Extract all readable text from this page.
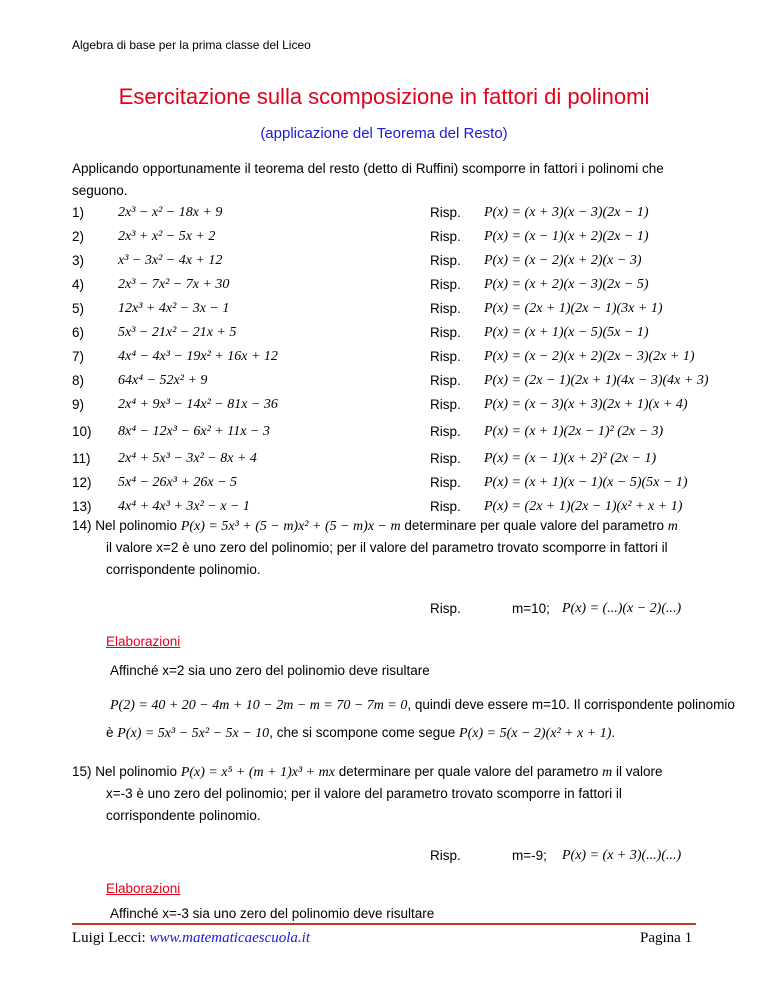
Algebra di base per la prima classe del Liceo
Esercitazione sulla scomposizione in fattori di polinomi
(applicazione del Teorema del Resto)
Applicando opportunamente il teorema del resto (detto di Ruffini) scomporre in fattori i polinomi che seguono.
1) 2x³ − x² − 18x + 9	Risp. P(x) = (x + 3)(x − 3)(2x − 1)
2) 2x³ + x² − 5x + 2	Risp. P(x) = (x − 1)(x + 2)(2x − 1)
3) x³ − 3x² − 4x + 12	Risp. P(x) = (x − 2)(x + 2)(x − 3)
4) 2x³ − 7x² − 7x + 30	Risp. P(x) = (x + 2)(x − 3)(2x − 5)
5) 12x³ + 4x² − 3x − 1	Risp. P(x) = (2x + 1)(2x − 1)(3x + 1)
6) 5x³ − 21x² − 21x + 5	Risp. P(x) = (x + 1)(x − 5)(5x − 1)
7) 4x⁴ − 4x³ − 19x² + 16x + 12	Risp. P(x) = (x − 2)(x + 2)(2x − 3)(2x + 1)
8) 64x⁴ − 52x² + 9	Risp. P(x) = (2x − 1)(2x + 1)(4x − 3)(4x + 3)
9) 2x⁴ + 9x³ − 14x² − 81x − 36	Risp. P(x) = (x − 3)(x + 3)(2x + 1)(x + 4)
10) 8x⁴ − 12x³ − 6x² + 11x − 3	Risp. P(x) = (x + 1)(2x − 1)² (2x − 3)
11) 2x⁴ + 5x³ − 3x² − 8x + 4	Risp. P(x) = (x − 1)(x + 2)² (2x − 1)
12) 5x⁴ − 26x³ + 26x − 5	Risp. P(x) = (x + 1)(x − 1)(x − 5)(5x − 1)
13) 4x⁴ + 4x³ + 3x² − x − 1	Risp. P(x) = (2x + 1)(2x − 1)(x² + x + 1)
14) Nel polinomio P(x) = 5x³ + (5 − m)x² + (5 − m)x − m determinare per quale valore del parametro m
il valore x=2 è uno zero del polinomio; per il valore del parametro trovato scomporre in fattori il
corrispondente polinomio.
Risp.	m=10; P(x) = (...)(x − 2)(...)
Elaborazioni
Affinché x=2 sia uno zero del polinomio deve risultare
P(2) = 40 + 20 − 4m + 10 − 2m − m = 70 − 7m = 0, quindi deve essere m=10. Il corrispondente polinomio
è P(x) = 5x³ − 5x² − 5x − 10, che si scompone come segue P(x) = 5(x − 2)(x² + x + 1).
15) Nel polinomio P(x) = x⁵ + (m + 1)x³ + mx determinare per quale valore del parametro m il valore
x=-3 è uno zero del polinomio; per il valore del parametro trovato scomporre in fattori il
corrispondente polinomio.
Risp.	m=-9; P(x) = (x + 3)(...)(...)
Elaborazioni
Affinché x=-3 sia uno zero del polinomio deve risultare
Luigi Lecci: www.matematicaescuola.it	Pagina 1
